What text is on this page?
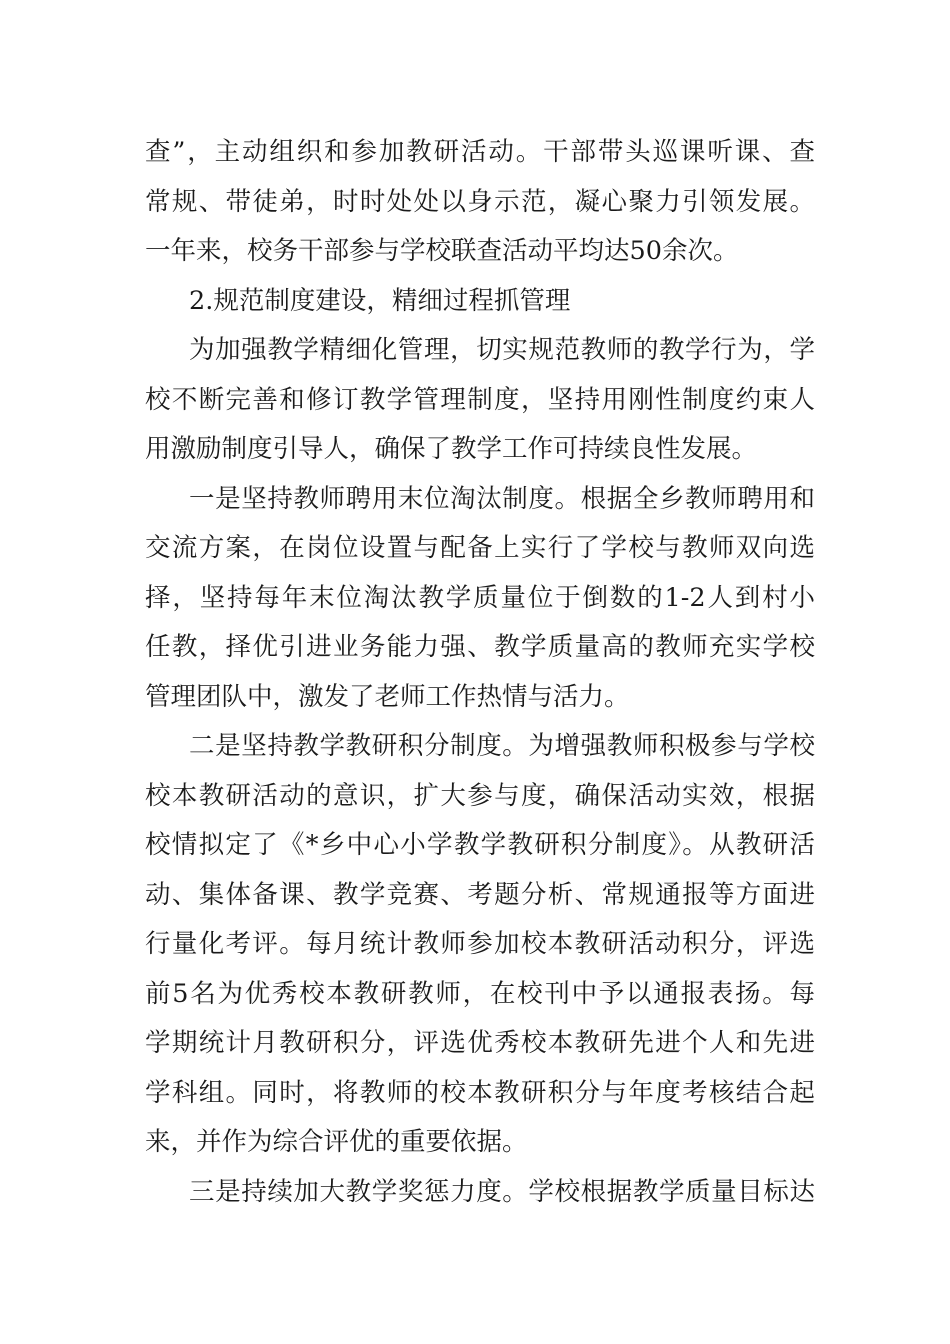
查”，主动组织和参加教研活动。干部带头巡课听课、查
常规、带徒弟，时时处处以身示范，凝心聚力引领发展。
一年来，校务干部参与学校联查活动平均达50余次。
2.规范制度建设，精细过程抓管理
为加强教学精细化管理，切实规范教师的教学行为，学
校不断完善和修订教学管理制度，坚持用刚性制度约束人
用激励制度引导人，确保了教学工作可持续良性发展。
一是坚持教师聘用末位淘汰制度。根据全乡教师聘用和
交流方案，在岗位设置与配备上实行了学校与教师双向选
择，坚持每年末位淘汰教学质量位于倒数的1-2人到村小
任教，择优引进业务能力强、教学质量高的教师充实学校
管理团队中，激发了老师工作热情与活力。
二是坚持教学教研积分制度。为增强教师积极参与学校
校本教研活动的意识，扩大参与度，确保活动实效，根据
校情拟定了《*乡中心小学教学教研积分制度》。从教研活
动、集体备课、教学竞赛、考题分析、常规通报等方面进
行量化考评。每月统计教师参加校本教研活动积分，评选
前5名为优秀校本教研教师，在校刊中予以通报表扬。每
学期统计月教研积分，评选优秀校本教研先进个人和先进
学科组。同时，将教师的校本教研积分与年度考核结合起
来，并作为综合评优的重要依据。
三是持续加大教学奖惩力度。学校根据教学质量目标达
